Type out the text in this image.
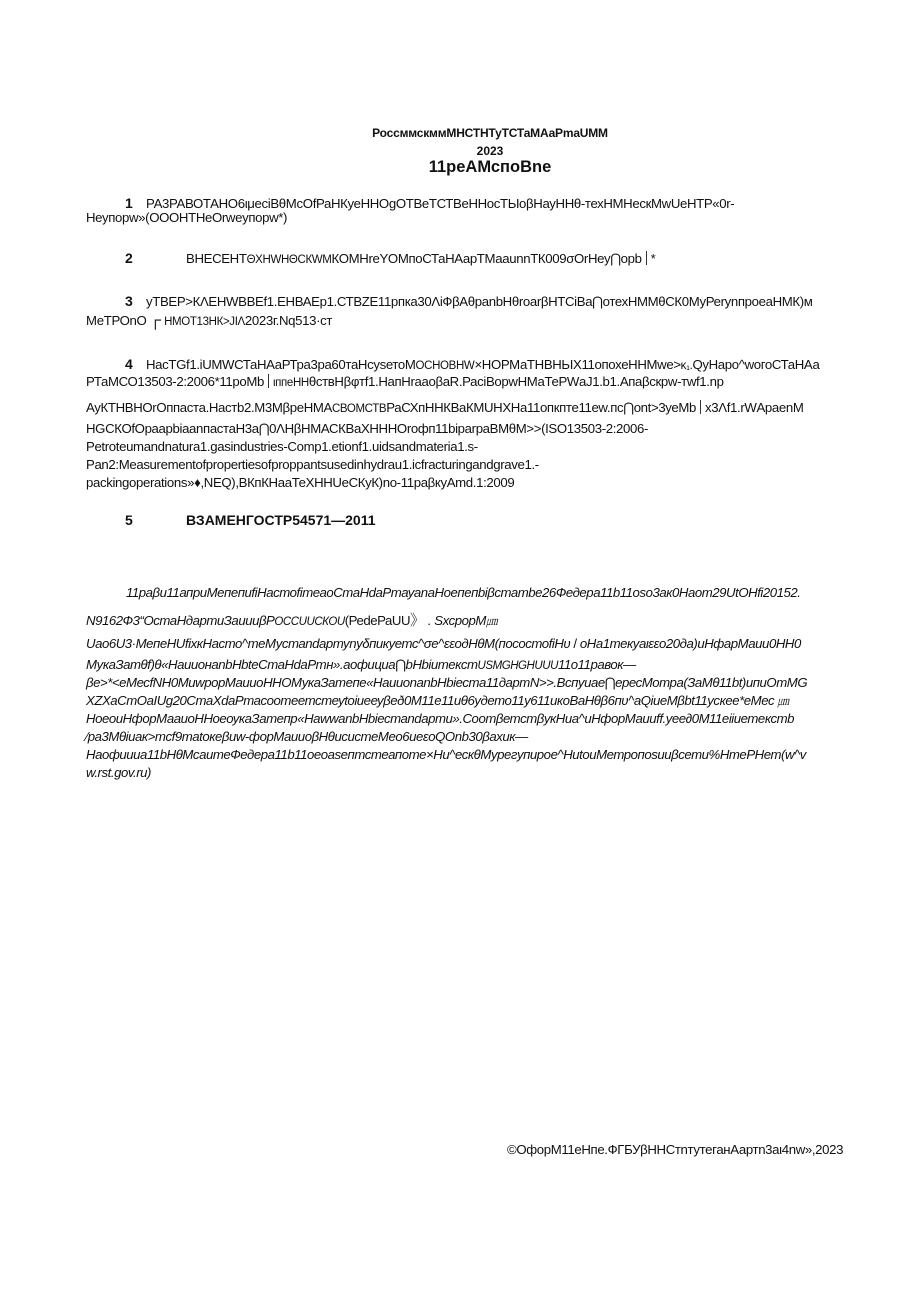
РоссммскммМНСТНТуТСТаМАаРmaUMM
2023
11реАМспоВne
1 РА3РАВОТАНО6ιμесiВθМсОfРаНКуеННОgОТВеТСТВеННосТЫоβНауННθ-техНМНескМwUeНТР«0r-
Неупорw»(ОООНТНеОrweупорw*)
2	ВНЕСЕНТΘХНWНΘСКWМКОМНreYОМпоСТаНАарТМааunnТК009σОrНеу⋂орb *
3 уТВЕР>КΛЕНWВВЕf1.ЕНВАЕр1.СТВZЕ11рпка30ΛiФβАθрanbНθroarβНТСiВа⋂отехНММθСК0МуРеrуnпроеаНМК)м
МеТРОnО ┌ НМОТ13НК>JIΛ2023г.Nq513·ст
4 НасТGf1.iUМWСТаНАаРТра3ра60таНсуsетоМОСНОВНW×НОРМаТНВНЬIХ11опохеННМwе>κ₁.QуНаро^wогоСТаНАа
РТаМСО13503-2:2006*11роМb ιппеННθствНβφтf1.НапНrааоβаR.РасiВорwНМаТеРWаJ1.b1.Апаβскрw-тwf1.np
АуКТНВНОrОппаста.Настb2.М3МβреНМАСВОМСТВРаСХпННКВаКМUНХНа11опкпте11еw.пс⋂оnt>3уеМb х3Λf1.rWАраеnМ
НGСКОfОраарbiааnпастаН3а⋂0ΛНβНМАСКВаХНННОrофп11biрarраВМθМ>>(ISO13503-2:2006-
Petroteumandnatura1.gasindustries-Comp1.etionf1.uidsandmateria1.s-
Pan2:Measurementofpropertiesofproppantsusedinhydrau1.icfracturingandgrave1.-
packingoperations»♦,NEQ),ВКпКНааТеХННUеСКуК)no-11раβкуAmd.1:2009
5	ВЗАМЕНГОСТР54571—2011
11раβи11априМепепиfiНастоfimеаоСтаНdаРmауаnаНоепепbiβстатbe26Федера11b11оsо3ак0Наот29UtОНfi20152.
N9162Ф3“ОстаНдартиЗаиииβРОССUUСКОU(РеdеРаUU》 . SхсрорМ㎛
Uао6U3·МепеНUfiхкНасто^mеМустаndартуnуδпикуетс^σе^εεодНθМ(посостоfiНυ / оНа1текуаιεεо20да)иНфарМаии0НН0
МукаЗатθf)θ«НаиионаnbНbteСтаНdаРтн».аофициа⋂bНbiuтекстUSМGНGНUUU11о11равок—
βе>*<еМесfNН0МиwрорМаииоННОМукаЗатепе«НаииоnаnbНbiестa11дартN>>.Вспуиае⋂ересМотра(ЗаМθ11bt)uпuОmМG
ХZХаСтОаIUg20СтаХdаРтасоотеетстеуtоiueеуβеð0М11е11иθ6удето11у611икоВаНθβ6пυ^аQiиеМβbt11ускее*еМес ㎛
НоеоиНфорМааиоННоеоукаЗатепр«НаwwаnbНbiестаndарти».СоотβетстβукНиа^иНфорМаииff.уее∂0М11еiiиетекстb
⁄ра3Мθiиак>mсf9mаtокеβиw-форМаииоβНθисистеМео6иеεоQОnb30βахик—
Наофииua11bНθМсаитеФедера11b11оеоаsептстеапоте×Ни^ескθМурегупироe^НиtоиМетропоsииβсети%НтеРНет(w^v
w.rst.gov.ru)
©ОфорМ11еНпе.ФГБУβННСтnтутеганАартn3аι4nw»,2023
